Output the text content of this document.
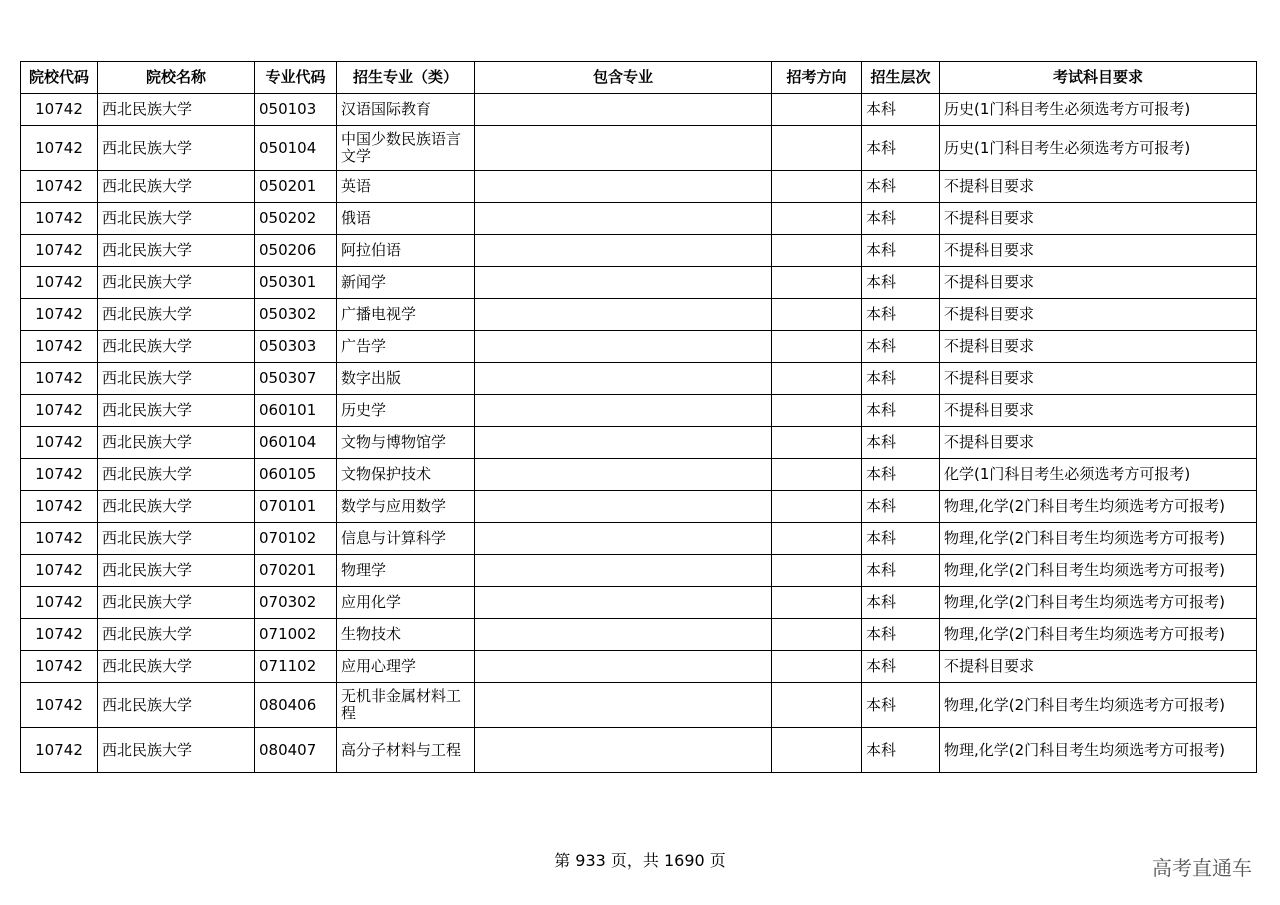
院校代码	院校名称	专业代码	招生专业（类）	包含专业	招考方向	招生层次	考试科目要求
10742	西北民族大学	050103	汉语国际教育			本科	历史(1门科目考生必须选考方可报考)
10742	西北民族大学	050104	中国少数民族语言文学			本科	历史(1门科目考生必须选考方可报考)
10742	西北民族大学	050201	英语			本科	不提科目要求
10742	西北民族大学	050202	俄语			本科	不提科目要求
10742	西北民族大学	050206	阿拉伯语			本科	不提科目要求
10742	西北民族大学	050301	新闻学			本科	不提科目要求
10742	西北民族大学	050302	广播电视学			本科	不提科目要求
10742	西北民族大学	050303	广告学			本科	不提科目要求
10742	西北民族大学	050307	数字出版			本科	不提科目要求
10742	西北民族大学	060101	历史学			本科	不提科目要求
10742	西北民族大学	060104	文物与博物馆学			本科	不提科目要求
10742	西北民族大学	060105	文物保护技术			本科	化学(1门科目考生必须选考方可报考)
10742	西北民族大学	070101	数学与应用数学			本科	物理,化学(2门科目考生均须选考方可报考)
10742	西北民族大学	070102	信息与计算科学			本科	物理,化学(2门科目考生均须选考方可报考)
10742	西北民族大学	070201	物理学			本科	物理,化学(2门科目考生均须选考方可报考)
10742	西北民族大学	070302	应用化学			本科	物理,化学(2门科目考生均须选考方可报考)
10742	西北民族大学	071002	生物技术			本科	物理,化学(2门科目考生均须选考方可报考)
10742	西北民族大学	071102	应用心理学			本科	不提科目要求
10742	西北民族大学	080406	无机非金属材料工程			本科	物理,化学(2门科目考生均须选考方可报考)
10742	西北民族大学	080407	高分子材料与工程			本科	物理,化学(2门科目考生均须选考方可报考)
第 933 页，共 1690 页	高考直通车
